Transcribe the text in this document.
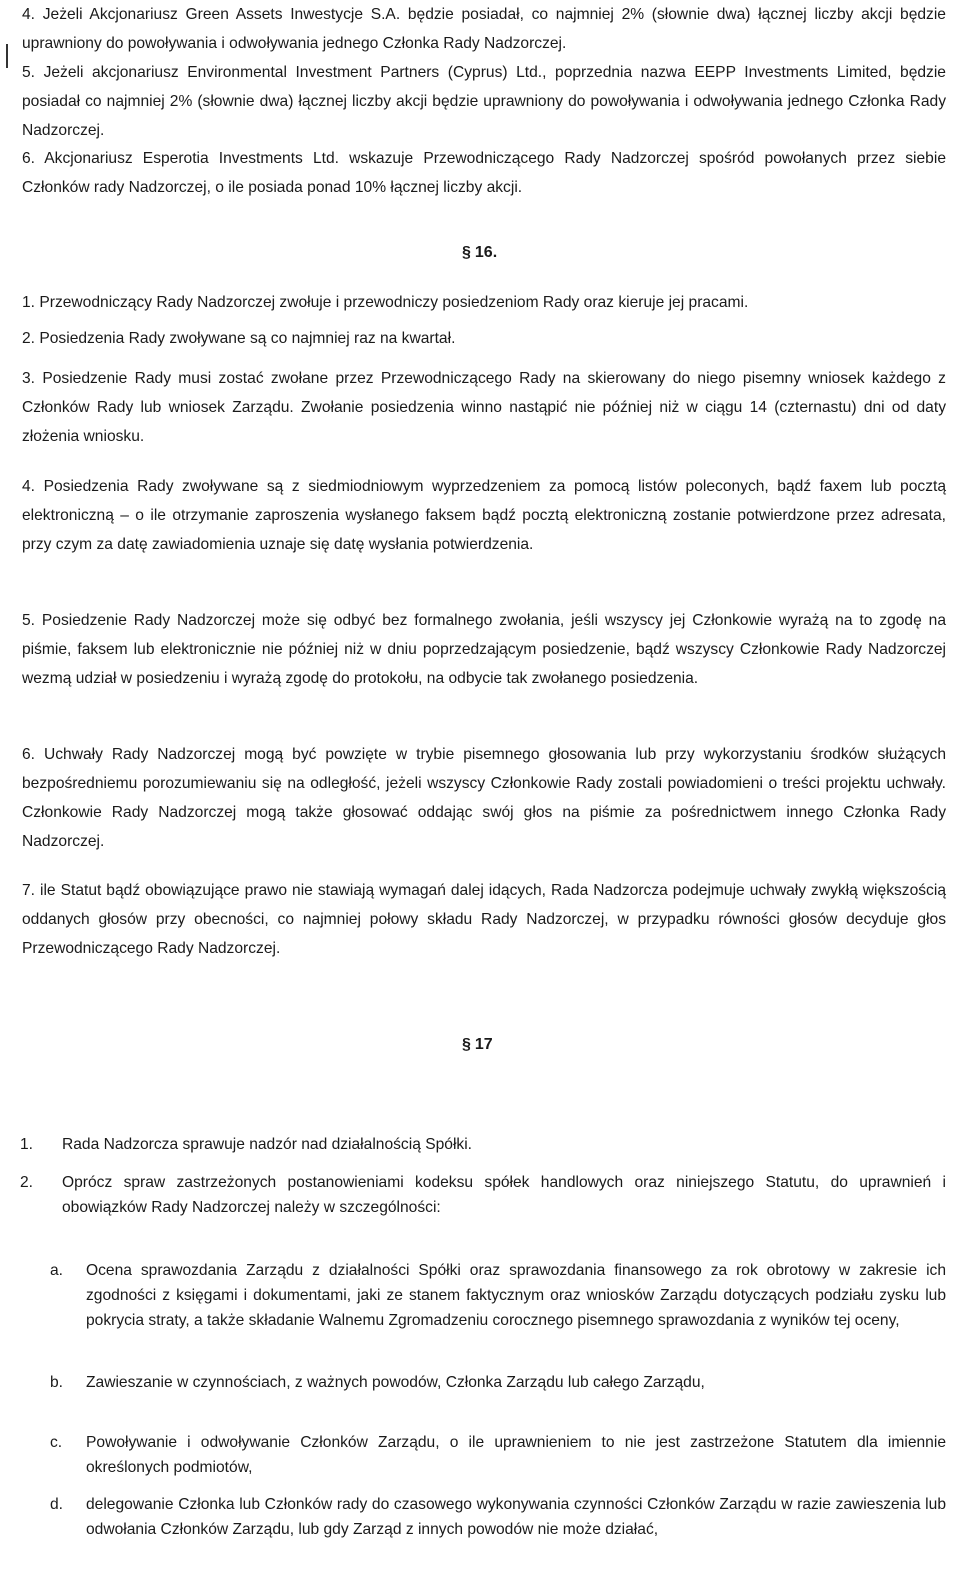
4. Jeżeli Akcjonariusz Green Assets Inwestycje S.A. będzie posiadał, co najmniej 2% (słownie dwa) łącznej liczby akcji będzie uprawniony do powoływania i odwoływania jednego Członka Rady Nadzorczej.

5. Jeżeli akcjonariusz Environmental Investment Partners (Cyprus) Ltd., poprzednia nazwa EEPP Investments Limited, będzie posiadał co najmniej 2% (słownie dwa) łącznej liczby akcji będzie uprawniony do powoływania i odwoływania jednego Członka Rady Nadzorczej.

6. Akcjonariusz Esperotia Investments Ltd. wskazuje Przewodniczącego Rady Nadzorczej spośród powołanych przez siebie Członków rady Nadzorczej, o ile posiada ponad 10% łącznej liczby akcji.

§ 16.

1. Przewodniczący Rady Nadzorczej zwołuje i przewodniczy posiedzeniom Rady oraz kieruje jej pracami.

2. Posiedzenia Rady zwoływane są co najmniej raz na kwartał.

3. Posiedzenie Rady musi zostać zwołane przez Przewodniczącego Rady na skierowany do niego pisemny wniosek każdego z Członków Rady lub wniosek Zarządu. Zwołanie posiedzenia winno nastąpić nie później niż w ciągu 14 (czternastu) dni od daty złożenia wniosku.

4. Posiedzenia Rady zwoływane są z siedmiodniowym wyprzedzeniem za pomocą listów poleconych, bądź faxem lub pocztą elektroniczną – o ile otrzymanie zaproszenia wysłanego faksem bądź pocztą elektroniczną zostanie potwierdzone przez adresata, przy czym za datę zawiadomienia uznaje się datę wysłania potwierdzenia.

5. Posiedzenie Rady Nadzorczej może się odbyć bez formalnego zwołania, jeśli wszyscy jej Członkowie wyrażą na to zgodę na piśmie, faksem lub elektronicznie nie później niż w dniu poprzedzającym posiedzenie, bądź wszyscy Członkowie Rady Nadzorczej wezmą udział w posiedzeniu i wyrażą zgodę do protokołu, na odbycie tak zwołanego posiedzenia.

6. Uchwały Rady Nadzorczej mogą być powzięte w trybie pisemnego głosowania lub przy wykorzystaniu środków służących bezpośredniemu porozumiewaniu się na odległość, jeżeli wszyscy Członkowie Rady zostali powiadomieni o treści projektu uchwały. Członkowie Rady Nadzorczej mogą także głosować oddając swój głos na piśmie za pośrednictwem innego Członka Rady Nadzorczej.

7. ile Statut bądź obowiązujące prawo nie stawiają wymagań dalej idących, Rada Nadzorcza podejmuje uchwały zwykłą większością oddanych głosów przy obecności, co najmniej połowy składu Rady Nadzorczej, w przypadku równości głosów decyduje głos Przewodniczącego Rady Nadzorczej.

§ 17

1. Rada Nadzorcza sprawuje nadzór nad działalnością Spółki.

2. Oprócz spraw zastrzeżonych postanowieniami kodeksu spółek handlowych oraz niniejszego Statutu, do uprawnień i obowiązków Rady Nadzorczej należy w szczególności:

a. Ocena sprawozdania Zarządu z działalności Spółki oraz sprawozdania finansowego za rok obrotowy w zakresie ich zgodności z księgami i dokumentami, jaki ze stanem faktycznym oraz wniosków Zarządu dotyczących podziału zysku lub pokrycia straty, a także składanie Walnemu Zgromadzeniu corocznego pisemnego sprawozdania z wyników tej oceny,

b. Zawieszanie w czynnościach, z ważnych powodów, Członka Zarządu lub całego Zarządu,

c. Powoływanie i odwoływanie Członków Zarządu, o ile uprawnieniem to nie jest zastrzeżone Statutem dla imiennie określonych podmiotów,

d. delegowanie Członka lub Członków rady do czasowego wykonywania czynności Członków Zarządu w razie zawieszenia lub odwołania Członków Zarządu, lub gdy Zarząd z innych powodów nie może działać,
